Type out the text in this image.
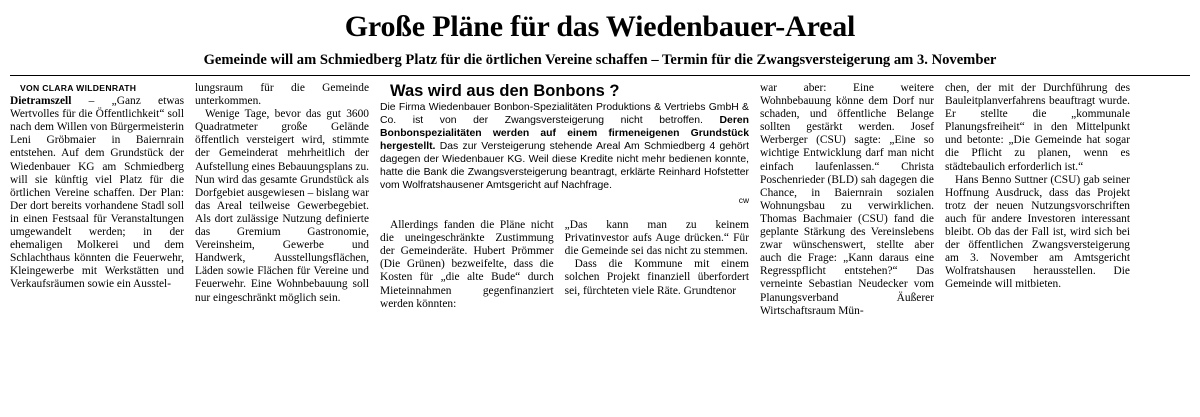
Große Pläne für das Wiedenbauer-Areal
Gemeinde will am Schmiedberg Platz für die örtlichen Vereine schaffen – Termin für die Zwangsversteigerung am 3. November

VON CLARA WILDENRATH

Dietramszell – „Ganz etwas Wertvolles für die Öffentlichkeit“ soll nach dem Willen von Bürgermeisterin Leni Gröbmaier in Baiernrain entstehen. Auf dem Grundstück der Wiedenbauer KG am Schmiedberg will sie künftig viel Platz für die örtlichen Vereine schaffen. Der Plan: Der dort bereits vorhandene Stadl soll in einen Festsaal für Veranstaltungen umgewandelt werden; in der ehemaligen Molkerei und dem Schlachthaus könnten die Feuerwehr, Kleingewerbe mit Werkstätten und Verkaufsräumen sowie ein Ausstel-

lungsraum für die Gemeinde unterkommen.

Wenige Tage, bevor das gut 3600 Quadratmeter große Gelände öffentlich versteigert wird, stimmte der Gemeinderat mehrheitlich der Aufstellung eines Bebauungsplans zu. Nun wird das gesamte Grundstück als Dorfgebiet ausgewiesen – bislang war das Areal teilweise Gewerbegebiet. Als dort zulässige Nutzung definierte das Gremium Gastronomie, Vereinsheim, Gewerbe und Handwerk, Ausstellungsflächen, Läden sowie Flächen für Vereine und Feuerwehr. Eine Wohnbebauung soll nur eingeschränkt möglich sein.

Was wird aus den Bonbons ?

Die Firma Wiedenbauer Bonbon-Spezialitäten Produktions & Vertriebs GmbH & Co. ist von der Zwangsversteigerung nicht betroffen. Deren Bonbonspezialitäten werden auf einem firmeneigenen Grundstück hergestellt. Das zur Versteigerung stehende Areal Am Schmiedberg 4 gehört dagegen der Wiedenbauer KG. Weil diese Kredite nicht mehr bedienen konnte, hatte die Bank die Zwangsversteigerung beantragt, erklärte Reinhard Hofstetter vom Wolfratshausener Amtsgericht auf Nachfrage.

cw

Allerdings fanden die Pläne nicht die uneingeschränkte Zustimmung der Gemeinderäte. Hubert Prömmer (Die Grünen) bezweifelte, dass die Kosten für „die alte Bude“ durch Mieteinnahmen gegenfinanziert werden könnten:

„Das kann man zu keinem Privatinvestor aufs Auge drücken.“ Für die Gemeinde sei das nicht zu stemmen.

Dass die Kommune mit einem solchen Projekt finanziell überfordert sei, fürchteten viele Räte. Grundtenor

war aber: Eine weitere Wohnbebauung könne dem Dorf nur schaden, und öffentliche Belange sollten gestärkt werden. Josef Werberger (CSU) sagte: „Eine so wichtige Entwicklung darf man nicht einfach laufenlassen.“ Christa Poschenrieder (BLD) sah dagegen die Chance, in Baiernrain sozialen Wohnungsbau zu verwirklichen. Thomas Bachmaier (CSU) fand die geplante Stärkung des Vereinslebens zwar wünschenswert, stellte aber auch die Frage: „Kann daraus eine Regresspflicht entstehen?“ Das verneinte Sebastian Neudecker vom Planungsverband Äußerer Wirtschaftsraum Mün-

chen, der mit der Durchführung des Bauleitplanverfahrens beauftragt wurde. Er stellte die „kommunale Planungsfreiheit“ in den Mittelpunkt und betonte: „Die Gemeinde hat sogar die Pflicht zu planen, wenn es städtebaulich erforderlich ist.“

Hans Benno Suttner (CSU) gab seiner Hoffnung Ausdruck, dass das Projekt trotz der neuen Nutzungsvorschriften auch für andere Investoren interessant bleibt. Ob das der Fall ist, wird sich bei der öffentlichen Zwangsversteigerung am 3. November am Amtsgericht Wolfratshausen herausstellen. Die Gemeinde will mitbieten.
